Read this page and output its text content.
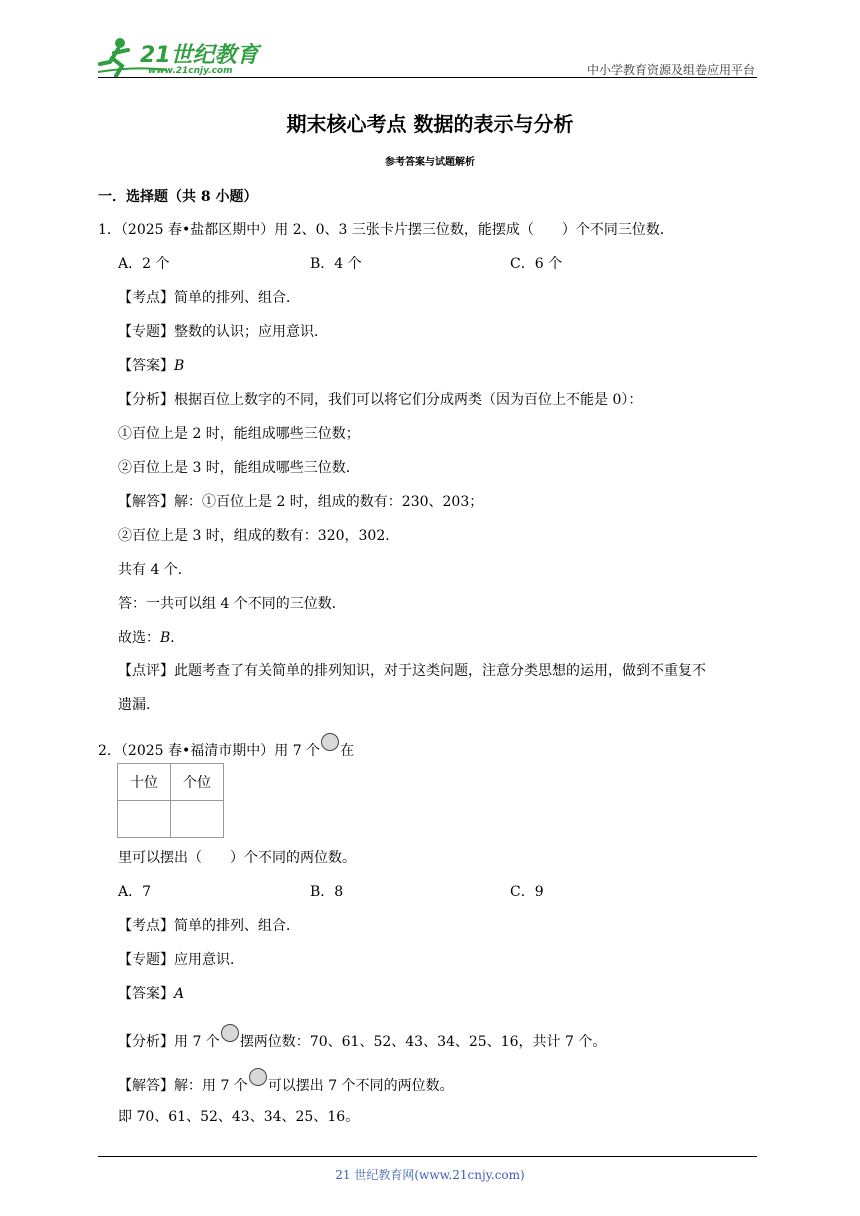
21世纪教育
www.21cnjy.com	中小学教育资源及组卷应用平台
期末核心考点 数据的表示与分析
参考答案与试题解析
一．选择题（共 8 小题）
1．（2025 春•盐都区期中）用 2、0、3 三张卡片摆三位数，能摆成（　　）个不同三位数．
A．2 个	B．4 个	C．6 个
【考点】简单的排列、组合．
【专题】整数的认识；应用意识．
【答案】B
【分析】根据百位上数字的不同，我们可以将它们分成两类（因为百位上不能是 0）：
①百位上是 2 时，能组成哪些三位数；
②百位上是 3 时，能组成哪些三位数．
【解答】解：①百位上是 2 时，组成的数有：230、203；
②百位上是 3 时，组成的数有：320，302．
共有 4 个．
答：一共可以组 4 个不同的三位数．
故选：B．
【点评】此题考查了有关简单的排列知识，对于这类问题，注意分类思想的运用，做到不重复不
遗漏．
2．（2025 春•福清市期中）用 7 个 在
十位	个位

里可以摆出（　　）个不同的两位数。
A．7	B．8	C．9
【考点】简单的排列、组合．
【专题】应用意识．
【答案】A
【分析】用 7 个 摆两位数：70、61、52、43、34、25、16，共计 7 个。
【解答】解：用 7 个 可以摆出 7 个不同的两位数。
即 70、61、52、43、34、25、16。
21 世纪教育网(www.21cnjy.com)
